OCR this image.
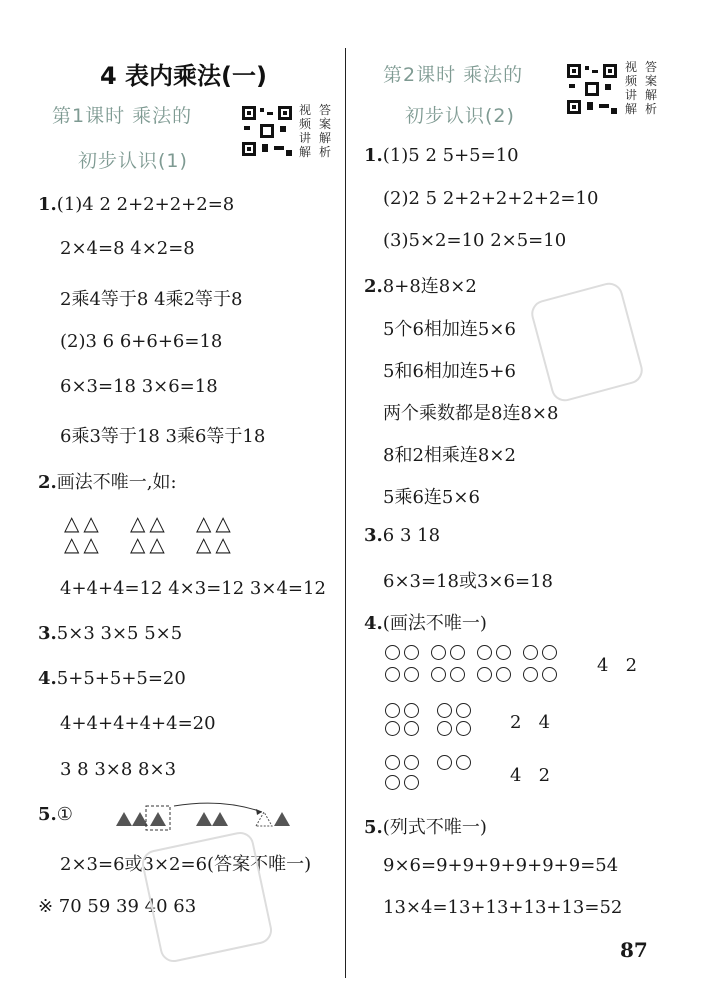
4 表内乘法(一)
第1课时 乘法的
初步认识(1)
视频讲解
答案解析
1.(1)4 2 2+2+2+2=8
2×4=8 4×2=8
2乘4等于8 4乘2等于8
(2)3 6 6+6+6=18
6×3=18 3×6=18
6乘3等于18 3乘6等于18
2.画法不唯一,如:
△△
△△
△△
△△
△△
△△
4+4+4=12 4×3=12 3×4=12
3.5×3 3×5 5×5
4.5+5+5+5=20
4+4+4+4+4=20
3 8 3×8 8×3
5.①
2×3=6或3×2=6(答案不唯一)
※ 70 59 39 40 63
第2课时 乘法的
初步认识(2)
视频讲解
答案解析
1.(1)5 2 5+5=10
(2)2 5 2+2+2+2+2=10
(3)5×2=10 2×5=10
2.8+8连8×2
5个6相加连5×6
5和6相加连5+6
两个乘数都是8连8×8
8和2相乘连8×2
5乘6连5×6
3.6 3 18
6×3=18或3×6=18
4.(画法不唯一)
4 2
2 4
4 2
5.(列式不唯一)
9×6=9+9+9+9+9+9=54
13×4=13+13+13+13=52
87
